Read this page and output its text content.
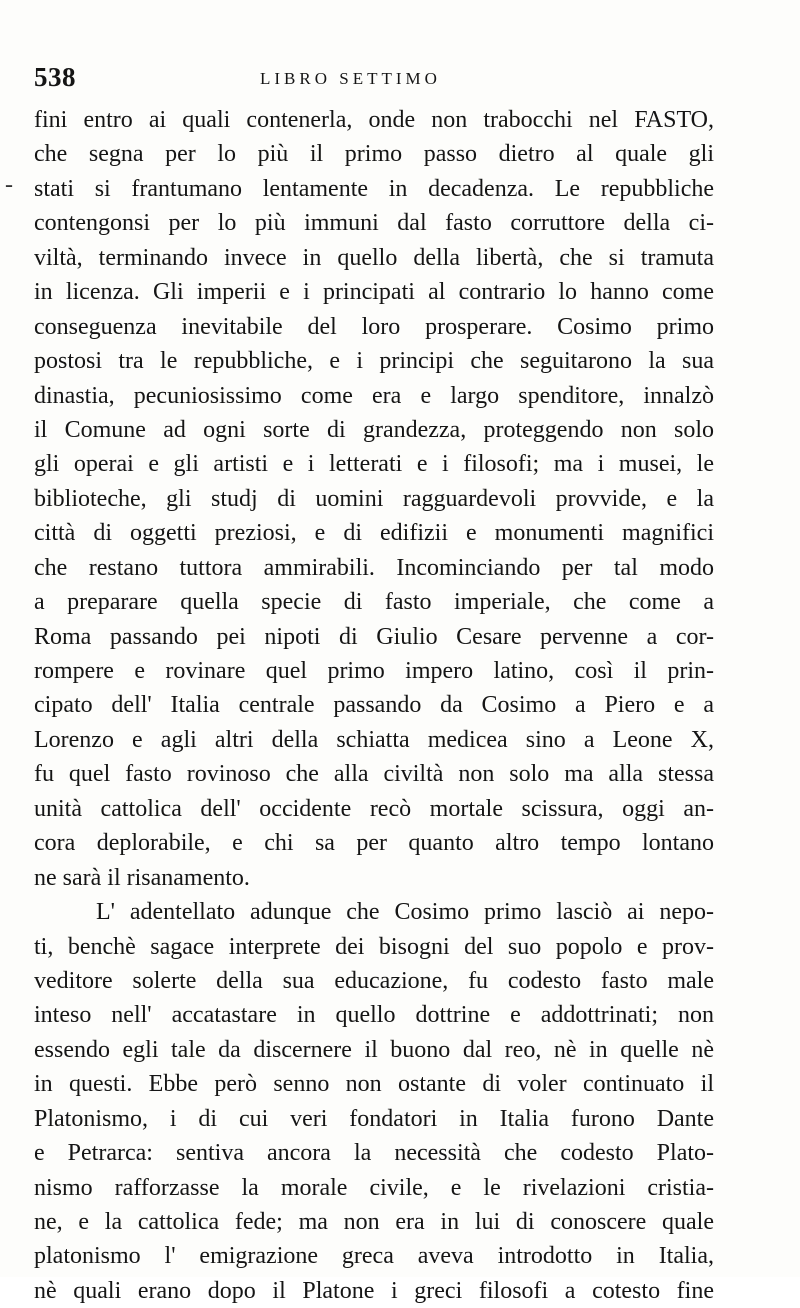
538	LIBRO SETTIMO
-
fini entro ai quali contenerla, onde non trabocchi nel FASTO,
che segna per lo più il primo passo dietro al quale gli
stati si frantumano lentamente in decadenza. Le repubbliche
contengonsi per lo più immuni dal fasto corruttore della ci-
viltà, terminando invece in quello della libertà, che si tramuta
in licenza. Gli imperii e i principati al contrario lo hanno come
conseguenza inevitabile del loro prosperare. Cosimo primo
postosi tra le repubbliche, e i principi che seguitarono la sua
dinastia, pecuniosissimo come era e largo spenditore, innalzò
il Comune ad ogni sorte di grandezza, proteggendo non solo
gli operai e gli artisti e i letterati e i filosofi; ma i musei, le
biblioteche, gli studj di uomini ragguardevoli provvide, e la
città di oggetti preziosi, e di edifizii e monumenti magnifici
che restano tuttora ammirabili. Incominciando per tal modo
a preparare quella specie di fasto imperiale, che come a
Roma passando pei nipoti di Giulio Cesare pervenne a cor-
rompere e rovinare quel primo impero latino, così il prin-
cipato dell' Italia centrale passando da Cosimo a Piero e a
Lorenzo e agli altri della schiatta medicea sino a Leone X,
fu quel fasto rovinoso che alla civiltà non solo ma alla stessa
unità cattolica dell' occidente recò mortale scissura, oggi an-
cora deplorabile, e chi sa per quanto altro tempo lontano
ne sarà il risanamento.
L' adentellato adunque che Cosimo primo lasciò ai nepo-
ti, benchè sagace interprete dei bisogni del suo popolo e prov-
veditore solerte della sua educazione, fu codesto fasto male
inteso nell' accatastare in quello dottrine e addottrinati; non
essendo egli tale da discernere il buono dal reo, nè in quelle nè
in questi. Ebbe però senno non ostante di voler continuato il
Platonismo, i di cui veri fondatori in Italia furono Dante
e Petrarca: sentiva ancora la necessità che codesto Plato-
nismo rafforzasse la morale civile, e le rivelazioni cristia-
ne, e la cattolica fede; ma non era in lui di conoscere quale
platonismo l' emigrazione greca aveva introdotto in Italia,
nè quali erano dopo il Platone i greci filosofi a cotesto fine
